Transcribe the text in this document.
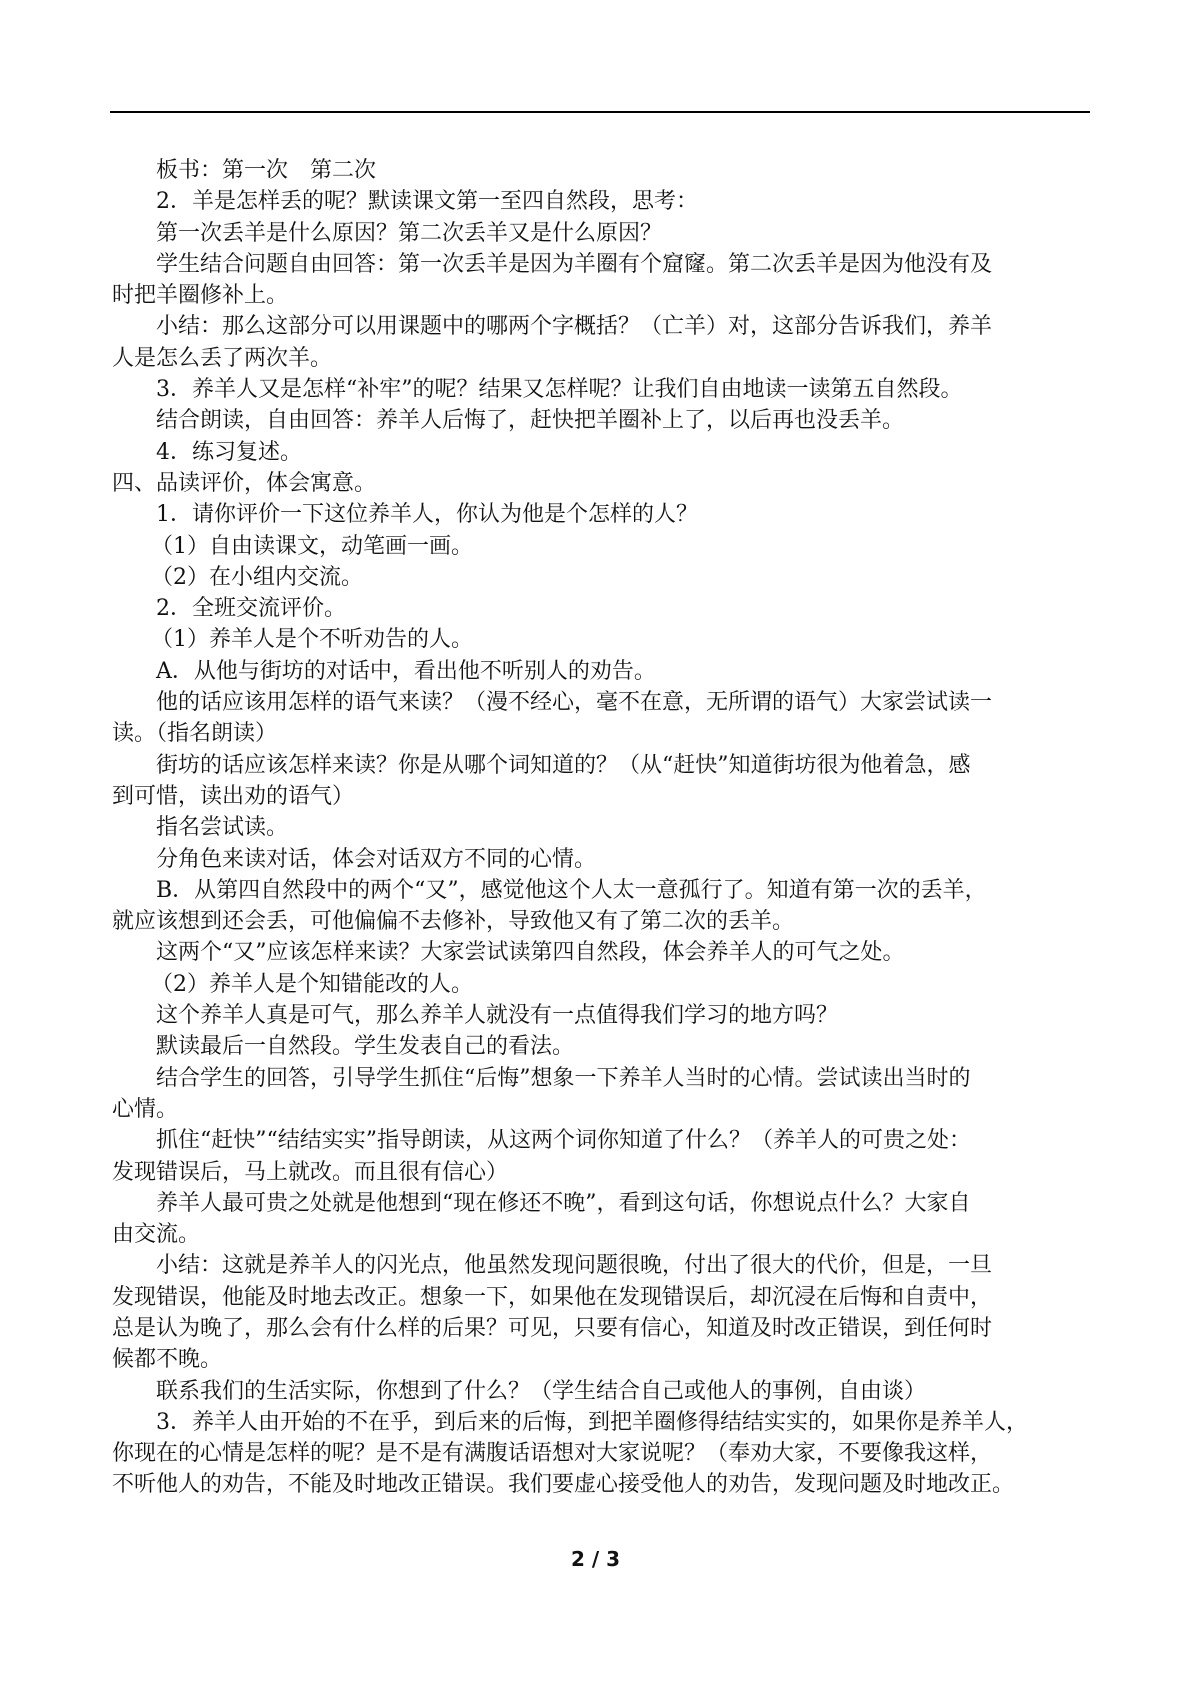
板书：第一次　第二次
2．羊是怎样丢的呢？默读课文第一至四自然段，思考：
第一次丢羊是什么原因？第二次丢羊又是什么原因？
学生结合问题自由回答：第一次丢羊是因为羊圈有个窟窿。第二次丢羊是因为他没有及
时把羊圈修补上。
小结：那么这部分可以用课题中的哪两个字概括？（亡羊）对，这部分告诉我们，养羊
人是怎么丢了两次羊。
3．养羊人又是怎样“补牢”的呢？结果又怎样呢？让我们自由地读一读第五自然段。
结合朗读，自由回答：养羊人后悔了，赶快把羊圈补上了，以后再也没丢羊。
4．练习复述。
四、品读评价，体会寓意。
1．请你评价一下这位养羊人，你认为他是个怎样的人？
（1）自由读课文，动笔画一画。
（2）在小组内交流。
2．全班交流评价。
（1）养羊人是个不听劝告的人。
A．从他与街坊的对话中，看出他不听别人的劝告。
他的话应该用怎样的语气来读？（漫不经心，毫不在意，无所谓的语气）大家尝试读一
读。（指名朗读）
街坊的话应该怎样来读？你是从哪个词知道的？（从“赶快”知道街坊很为他着急，感
到可惜，读出劝的语气）
指名尝试读。
分角色来读对话，体会对话双方不同的心情。
B．从第四自然段中的两个“又”，感觉他这个人太一意孤行了。知道有第一次的丢羊，
就应该想到还会丢，可他偏偏不去修补，导致他又有了第二次的丢羊。
这两个“又”应该怎样来读？大家尝试读第四自然段，体会养羊人的可气之处。
（2）养羊人是个知错能改的人。
这个养羊人真是可气，那么养羊人就没有一点值得我们学习的地方吗？
默读最后一自然段。学生发表自己的看法。
结合学生的回答，引导学生抓住“后悔”想象一下养羊人当时的心情。尝试读出当时的
心情。
抓住“赶快”“结结实实”指导朗读，从这两个词你知道了什么？（养羊人的可贵之处：
发现错误后，马上就改。而且很有信心）
养羊人最可贵之处就是他想到“现在修还不晚”，看到这句话，你想说点什么？大家自
由交流。
小结：这就是养羊人的闪光点，他虽然发现问题很晚，付出了很大的代价，但是，一旦
发现错误，他能及时地去改正。想象一下，如果他在发现错误后，却沉浸在后悔和自责中，
总是认为晚了，那么会有什么样的后果？可见，只要有信心，知道及时改正错误，到任何时
候都不晚。
联系我们的生活实际，你想到了什么？（学生结合自己或他人的事例，自由谈）
3．养羊人由开始的不在乎，到后来的后悔，到把羊圈修得结结实实的，如果你是养羊人，
你现在的心情是怎样的呢？是不是有满腹话语想对大家说呢？（奉劝大家，不要像我这样，
不听他人的劝告，不能及时地改正错误。我们要虚心接受他人的劝告，发现问题及时地改正。
2 / 3
